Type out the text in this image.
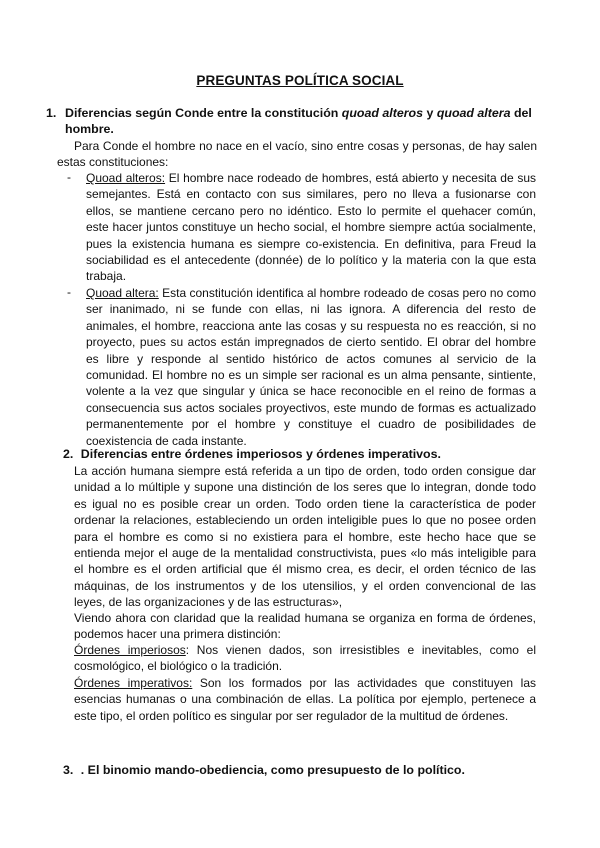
PREGUNTAS POLÍTICA SOCIAL
1. Diferencias según Conde entre la constitución quoad alteros y quoad altera del hombre.

Para Conde el hombre no nace en el vacío, sino entre cosas y personas, de hay salen estas constituciones:

- Quoad alteros: El hombre nace rodeado de hombres, está abierto y necesita de sus semejantes. Está en contacto con sus similares, pero no lleva a fusionarse con ellos, se mantiene cercano pero no idéntico. Esto lo permite el quehacer común, este hacer juntos constituye un hecho social, el hombre siempre actúa socialmente, pues la existencia humana es siempre co-existencia. En definitiva, para Freud la sociabilidad es el antecedente (donnée) de lo político y la materia con la que esta trabaja.

- Quoad altera: Esta constitución identifica al hombre rodeado de cosas pero no como ser inanimado, ni se funde con ellas, ni las ignora. A diferencia del resto de animales, el hombre, reacciona ante las cosas y su respuesta no es reacción, si no proyecto, pues su actos están impregnados de cierto sentido. El obrar del hombre es libre y responde al sentido histórico de actos comunes al servicio de la comunidad. El hombre no es un simple ser racional es un alma pensante, sintiente, volente a la vez que singular y única se hace reconocible en el reino de formas a consecuencia sus actos sociales proyectivos, este mundo de formas es actualizado permanentemente por el hombre y constituye el cuadro de posibilidades de coexistencia de cada instante.

2. Diferencias entre órdenes imperiosos y órdenes imperativos.

La acción humana siempre está referida a un tipo de orden, todo orden consigue dar unidad a lo múltiple y supone una distinción de los seres que lo integran, donde todo es igual no es posible crear un orden. Todo orden tiene la característica de poder ordenar la relaciones, estableciendo un orden inteligible pues lo que no posee orden para el hombre es como si no existiera para el hombre, este hecho hace que se entienda mejor el auge de la mentalidad constructivista, pues «lo más inteligible para el hombre es el orden artificial que él mismo crea, es decir, el orden técnico de las máquinas, de los instrumentos y de los utensilios, y el orden convencional de las leyes, de las organizaciones y de las estructuras»,

Viendo ahora con claridad que la realidad humana se organiza en forma de órdenes, podemos hacer una primera distinción:

Órdenes imperiosos: Nos vienen dados, son irresistibles e inevitables, como el cosmológico, el biológico o la tradición.

Órdenes imperativos: Son los formados por las actividades que constituyen las esencias humanas o una combinación de ellas. La política por ejemplo, pertenece a este tipo, el orden político es singular por ser regulador de la multitud de órdenes.

3. . El binomio mando-obediencia, como presupuesto de lo político.
